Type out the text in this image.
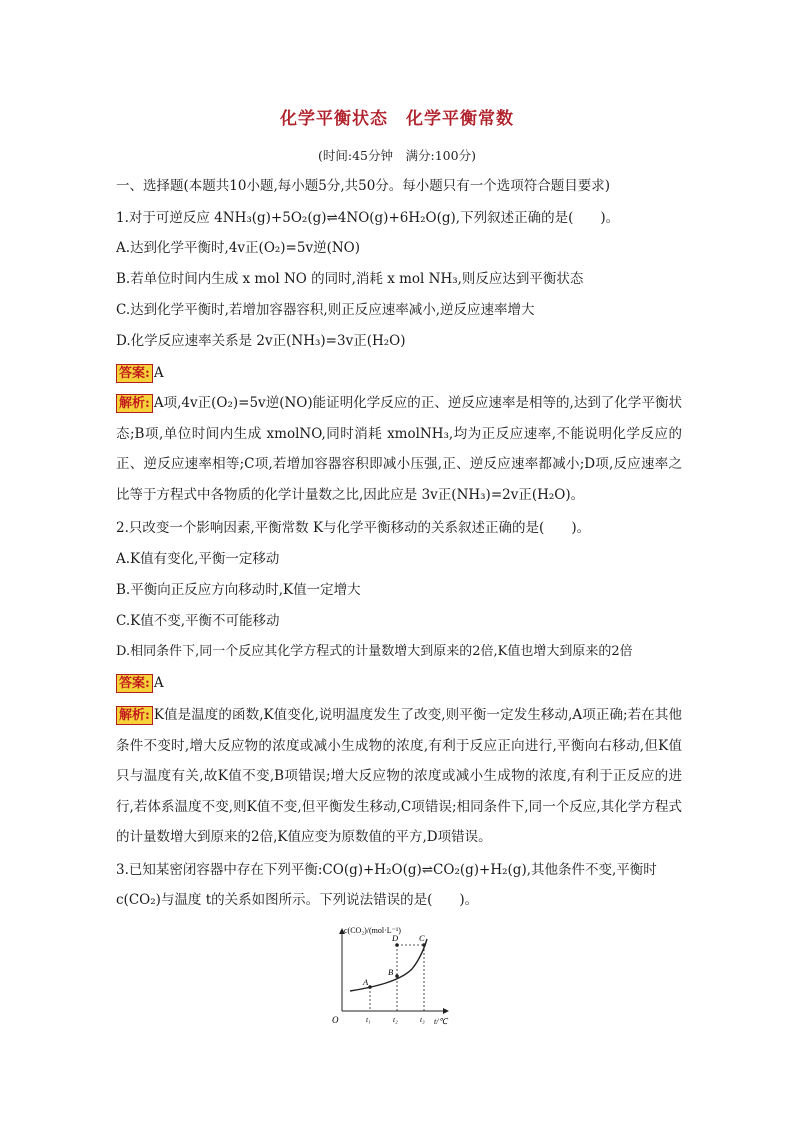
化学平衡状态　化学平衡常数
(时间:45分钟　满分:100分)
一、选择题(本题共10小题,每小题5分,共50分。每小题只有一个选项符合题目要求)
1.对于可逆反应 4NH₃(g)+5O₂(g)⇌4NO(g)+6H₂O(g),下列叙述正确的是(　　)。
A.达到化学平衡时,4v正(O₂)=5v逆(NO)
B.若单位时间内生成 x mol NO 的同时,消耗 x mol NH₃,则反应达到平衡状态
C.达到化学平衡时,若增加容器容积,则正反应速率减小,逆反应速率增大
D.化学反应速率关系是 2v正(NH₃)=3v正(H₂O)
答案: A
解析: A项,4v正(O₂)=5v逆(NO)能证明化学反应的正、逆反应速率是相等的,达到了化学平衡状态;B项,单位时间内生成 xmolNO,同时消耗 xmolNH₃,均为正反应速率,不能说明化学反应的正、逆反应速率相等;C项,若增加容器容积即减小压强,正、逆反应速率都减小;D项,反应速率之比等于方程式中各物质的化学计量数之比,因此应是 3v正(NH₃)=2v正(H₂O)。
2.只改变一个影响因素,平衡常数 K与化学平衡移动的关系叙述正确的是(　　)。
A.K值有变化,平衡一定移动
B.平衡向正反应方向移动时,K值一定增大
C.K值不变,平衡不可能移动
D.相同条件下,同一个反应其化学方程式的计量数增大到原来的2倍,K值也增大到原来的2倍
答案: A
解析: K值是温度的函数,K值变化,说明温度发生了改变,则平衡一定发生移动,A项正确;若在其他条件不变时,增大反应物的浓度或减小生成物的浓度,有利于反应正向进行,平衡向右移动,但K值只与温度有关,故K值不变,B项错误;增大反应物的浓度或减小生成物的浓度,有利于正反应的进行,若体系温度不变,则K值不变,但平衡发生移动,C项错误;相同条件下,同一个反应,其化学方程式的计量数增大到原来的2倍,K值应变为原数值的平方,D项错误。
3.已知某密闭容器中存在下列平衡:CO(g)+H₂O(g)⇌CO₂(g)+H₂(g),其他条件不变,平衡时
c(CO₂)与温度 t的关系如图所示。下列说法错误的是(　　)。
c(CO₂)/(mol·L⁻¹)
t/℃
O
A
B
C
D
t₁	t₂	t₃
